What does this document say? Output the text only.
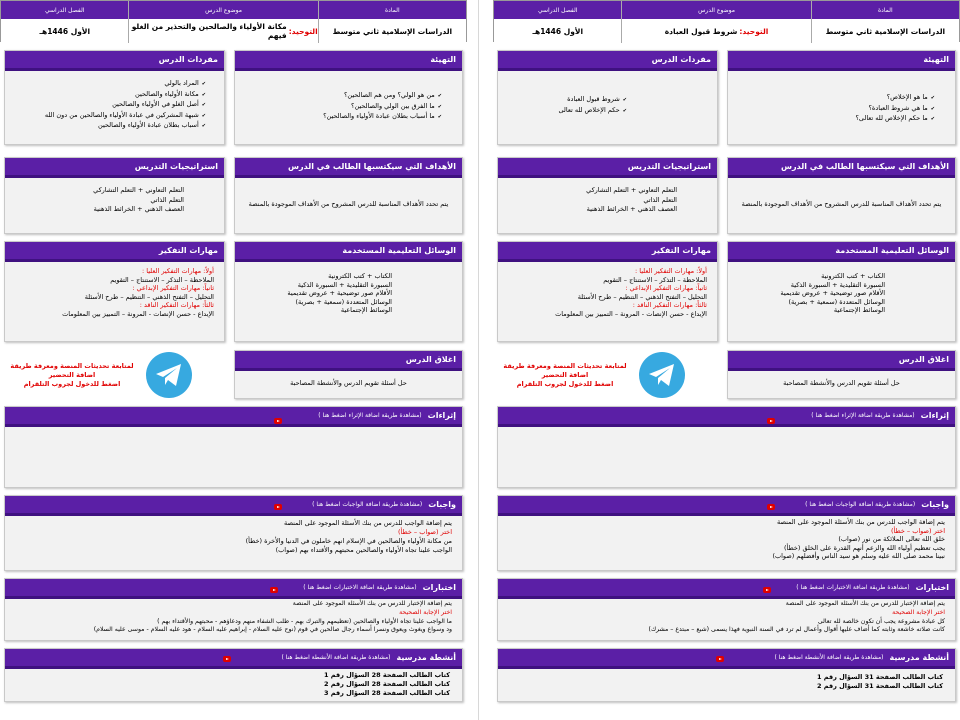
المادة
موضوع الدرس
الفصل الدراسي
الدراسات الإسلامية ثاني متوسط
التوحيد:
مكانة الأولياء والصالحين والتحذير من الغلو فيهم
الأول 1446هـ
التهيئة
✔ من هو الولي؟ ومن هم الصالحين؟
✔ ما الفرق بين الولي والصالحين؟
✔ ما أسباب بطلان عبادة الأولياء والصالحين؟
مفردات الدرس
✔ المراد بالولي
✔ مكانة الأولياء والصالحين
✔ أصل الغلو في الأولياء والصالحين
✔ شبهة المشركين في عبادة الأولياء والصالحين من دون الله
✔ أسباب بطلان عبادة الأولياء والصالحين
الأهداف التي سيكتسبها الطالب في الدرس
يتم تحدد الأهداف المناسبة للدرس المشروح من الأهداف الموجودة بالمنصة
استراتيجيات التدريس
التعلم التعاوني + التعلم التشاركي
التعلم الذاتي
العصف الذهني + الخرائط الذهنية
الوسائل التعليمية المستخدمة
الكتاب + كتب الكترونية
السبورة التقليدية + السبورة الذكية
الأقلام صور توضيحية + عروض تقديمية
الوسائل المتعددة (سمعية + بصرية)
الوسائط الإجتماعية
مهارات التفكير
أولاً: مهارات التفكير العليا :
الملاحظة – التذكر – الاستنتاج – التقويم
ثانياً: مهارات التفكير الإبداعي :
التحليل – التفتح الذهني – التنظيم – طرح الأسئلة
ثالثاً: مهارات التفكير الناقد :
الإبداع - حسن الإنصات - المرونة – التمييز بين المعلومات
لمتابعة تحديثات المنصة ومعرفة طريقة اضافة التحضير
اضغط للدخول لجروب التلقرام
اغلاق الدرس
حل أسئلة تقويم الدرس والأنشطة المصاحبة
إثراءات
(مشاهدة طريقة اضافة الإثراء اضغط هنا )
واجبات
(مشاهدة طريقة اضافة الواجبات اضغط هنا )
يتم إضافة الواجب للدرس من بنك الأسئلة الموجود على المنصة
اختر (صواب – خطأ)
من مكانة الأولياء والصالحين في الإسلام انهم خاملون في الدنيا والأخرة (خطأ)
الواجب علينا تجاه الأولياء والصالحين محبتهم والأقتداء بهم (صواب)
اختبارات
(مشاهدة طريقة اضافة الاختبارات اضغط هنا )
يتم إضافة الإختبار للدرس من بنك الأسئلة الموجود على المنصة
اختر الإجابة الصحيحة
ما الواجب علينا تجاه الأولياء والصالحين (تعظيمهم والتبرك بهم - طلب الشفاء منهم ودعاؤهم - محبتهم والأقتداء بهم )
ود وسواع ويغوث ويعوق ونسرا أسماء رجال صالحين في قوم (نوح عليه السلام - إبراهيم عليه السلام - هود عليه السلام - موسى عليه السلام)
أنشطة مدرسية
(مشاهدة طريقة اضافة الأنشطة اضغط هنا )
كتاب الطالب الصفحة 28 السؤال رقم 1
كتاب الطالب الصفحة 28 السؤال رقم 2
كتاب الطالب الصفحة 28 السؤال رقم 3
المادة
موضوع الدرس
الفصل الدراسي
الدراسات الإسلامية ثاني متوسط
التوحيد:
شروط قبول العبادة
الأول 1446هـ
التهيئة
✔ ما هو الإخلاص؟
✔ ما هي شروط العبادة؟
✔ ما حكم الإخلاص لله تعالى؟
مفردات الدرس
✔ شروط قبول العبادة
✔ حكم الإخلاص لله تعالى
الأهداف التي سيكتسبها الطالب في الدرس
يتم تحدد الأهداف المناسبة للدرس المشروح من الأهداف الموجودة بالمنصة
استراتيجيات التدريس
التعلم التعاوني + التعلم التشاركي
التعلم الذاتي
العصف الذهني + الخرائط الذهنية
الوسائل التعليمية المستخدمة
الكتاب + كتب الكترونية
السبورة التقليدية + السبورة الذكية
الأقلام صور توضيحية + عروض تقديمية
الوسائل المتعددة (سمعية + بصرية)
الوسائط الإجتماعية
مهارات التفكير
أولاً: مهارات التفكير العليا :
الملاحظة – التذكر – الاستنتاج – التقويم
ثانياً: مهارات التفكير الإبداعي :
التحليل – التفتح الذهني – التنظيم – طرح الأسئلة
ثالثاً: مهارات التفكير الناقد :
الإبداع - حسن الإنصات - المرونة – التمييز بين المعلومات
لمتابعة تحديثات المنصة ومعرفة طريقة اضافة التحضير
اضغط للدخول لجروب التلقرام
اغلاق الدرس
حل أسئلة تقويم الدرس والأنشطة المصاحبة
إثراءات
(مشاهدة طريقة اضافة الإثراء اضغط هنا )
واجبات
(مشاهدة طريقة اضافة الواجبات اضغط هنا )
يتم إضافة الواجب للدرس من بنك الأسئلة الموجود على المنصة
اختر (صواب – خطأ)
خلق الله تعالى الملائكة من نور (صواب)
يجب تعظيم أولياء الله والزعم أنهم القدرة على الخلق (خطأ)
نبينا محمد صلى الله عليه وسلم هو سيد الناس وأفضلهم (صواب)
اختبارات
(مشاهدة طريقة اضافة الاختبارات اضغط هنا )
يتم إضافة الإختبار للدرس من بنك الأسئلة الموجود على المنصة
اختر الإجابة الصحيحة
كل عبادة مشروعة يجب أن تكون خالصة لله تعالى
كانت صلاته خاشعة وثابته كما أضاف عليها أقوال وأعمال لم ترد في السنة النبوية فهذا يسمى (شيع – مبتدع – مشرك)
أنشطة مدرسية
(مشاهدة طريقة اضافة الأنشطة اضغط هنا )
كتاب الطالب الصفحة 31 السؤال رقم 1
كتاب الطالب الصفحة 31 السؤال رقم 2
